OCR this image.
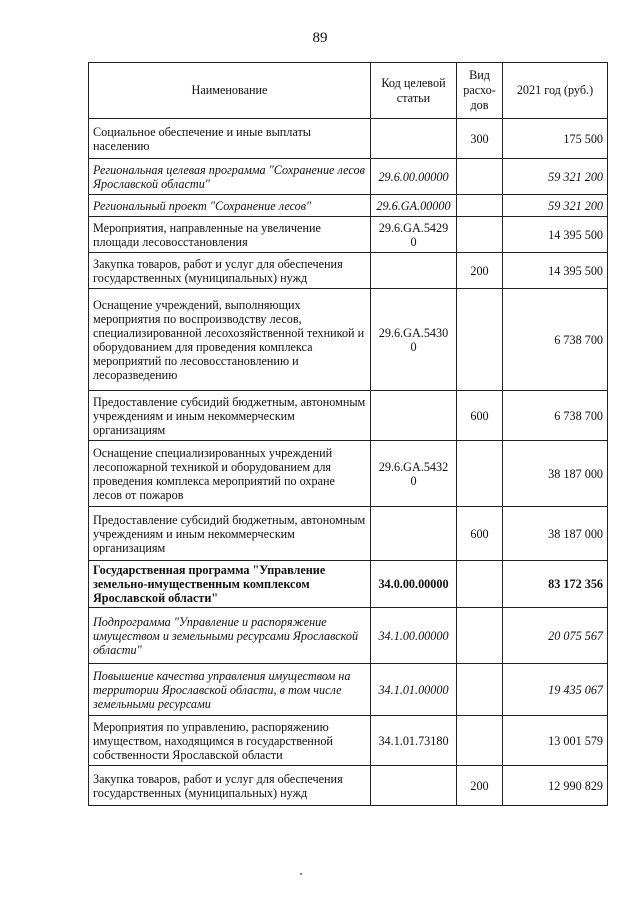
89
Наименование	Код целевой статьи	Вид расхо-дов	2021 год (руб.)
Социальное обеспечение и иные выплаты населению		300	175 500
Региональная целевая программа "Сохранение лесов Ярославской области"	29.6.00.00000		59 321 200
Региональный проект "Сохранение лесов"	29.6.GA.00000		59 321 200
Мероприятия, направленные на увеличение площади лесовосстановления	29.6.GA.5429 0		14 395 500
Закупка товаров, работ и услуг для обеспечения государственных (муниципальных) нужд		200	14 395 500
Оснащение учреждений, выполняющих мероприятия по воспроизводству лесов, специализированной лесохозяйственной техникой и оборудованием для проведения комплекса мероприятий по лесовосстановлению и лесоразведению	29.6.GA.5430 0		6 738 700
Предоставление субсидий бюджетным, автономным учреждениям и иным некоммерческим организациям		600	6 738 700
Оснащение специализированных учреждений лесопожарной техникой и оборудованием для проведения комплекса мероприятий по охране лесов от пожаров	29.6.GA.5432 0		38 187 000
Предоставление субсидий бюджетным, автономным учреждениям и иным некоммерческим организациям		600	38 187 000
Государственная программа "Управление земельно-имущественным комплексом Ярославской области"	34.0.00.00000		83 172 356
Подпрограмма "Управление и распоряжение имуществом и земельными ресурсами Ярославской области"	34.1.00.00000		20 075 567
Повышение качества управления имуществом на территории Ярославской области, в том числе земельными ресурсами	34.1.01.00000		19 435 067
Мероприятия по управлению, распоряжению имуществом, находящимся в государственной собственности Ярославской области	34.1.01.73180		13 001 579
Закупка товаров, работ и услуг для обеспечения государственных (муниципальных) нужд		200	12 990 829
